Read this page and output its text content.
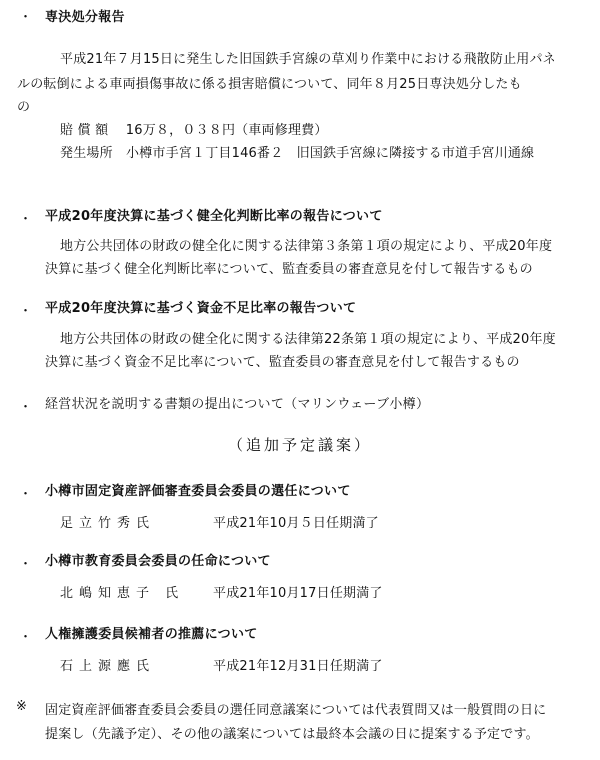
・ 専決処分報告
平成21年７月15日に発生した旧国鉄手宮線の草刈り作業中における飛散防止用パネ
ルの転倒による車両損傷事故に係る損害賠償について、同年８月25日専決処分したも
の
賠 償 額　 16万８，０３８円（車両修理費）
発生場所　小樽市手宮１丁目146番２　旧国鉄手宮線に隣接する市道手宮川通線
・ 平成20年度決算に基づく健全化判断比率の報告について
地方公共団体の財政の健全化に関する法律第３条第１項の規定により、平成20年度
決算に基づく健全化判断比率について、監査委員の審査意見を付して報告するもの
・ 平成20年度決算に基づく資金不足比率の報告ついて
地方公共団体の財政の健全化に関する法律第22条第１項の規定により、平成20年度
決算に基づく資金不足比率について、監査委員の審査意見を付して報告するもの
・ 経営状況を説明する書類の提出について（マリンウェーブ小樽）
（追加予定議案）
・ 小樽市固定資産評価審査委員会委員の選任について
足立竹秀氏	平成21年10月５日任期満了
・ 小樽市教育委員会委員の任命について
北嶋知恵子 氏 平成21年10月17日任期満了
・ 人権擁護委員候補者の推薦について
石上源應氏	平成21年12月31日任期満了
※ 固定資産評価審査委員会委員の選任同意議案については代表質問又は一般質問の日に
提案し（先議予定）、その他の議案については最終本会議の日に提案する予定です。
